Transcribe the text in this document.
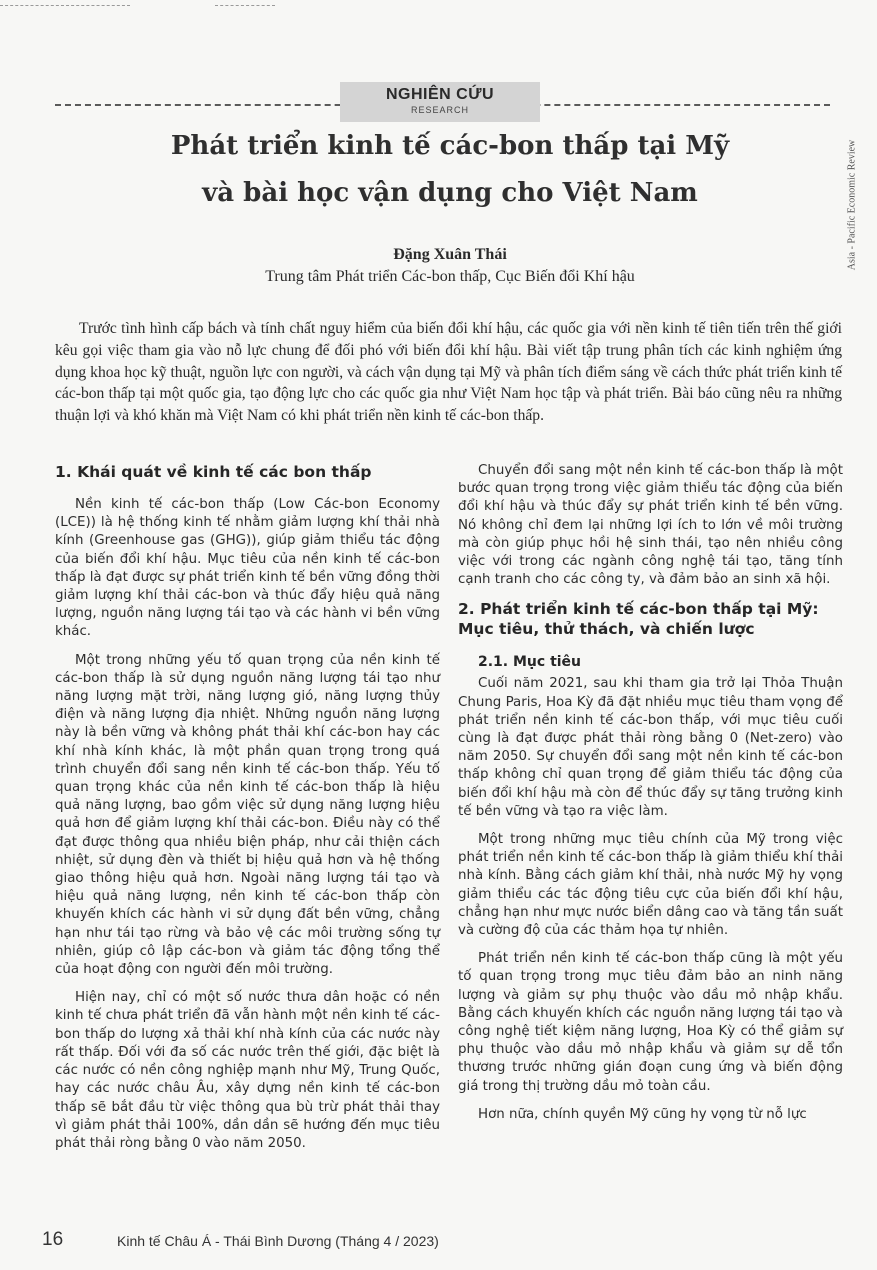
NGHIÊN CỨU
RESEARCH
Asia - Pacific Economic Review
Phát triển kinh tế các-bon thấp tại Mỹ
và bài học vận dụng cho Việt Nam
Đặng Xuân Thái
Trung tâm Phát triển Các-bon thấp, Cục Biến đổi Khí hậu

Trước tình hình cấp bách và tính chất nguy hiểm của biến đổi khí hậu, các quốc gia với nền kinh tế tiên tiến trên thế giới kêu gọi việc tham gia vào nỗ lực chung để đối phó với biến đổi khí hậu. Bài viết tập trung phân tích các kinh nghiệm ứng dụng khoa học kỹ thuật, nguồn lực con người, và cách vận dụng tại Mỹ và phân tích điểm sáng về cách thức phát triển kinh tế các-bon thấp tại một quốc gia, tạo động lực cho các quốc gia như Việt Nam học tập và phát triển. Bài báo cũng nêu ra những thuận lợi và khó khăn mà Việt Nam có khi phát triển nền kinh tế các-bon thấp.

1. Khái quát về kinh tế các bon thấp

Nền kinh tế các-bon thấp (Low Các-bon Economy (LCE)) là hệ thống kinh tế nhằm giảm lượng khí thải nhà kính (Greenhouse gas (GHG)), giúp giảm thiểu tác động của biến đổi khí hậu. Mục tiêu của nền kinh tế các-bon thấp là đạt được sự phát triển kinh tế bền vững đồng thời giảm lượng khí thải các-bon và thúc đẩy hiệu quả năng lượng, nguồn năng lượng tái tạo và các hành vi bền vững khác.

Một trong những yếu tố quan trọng của nền kinh tế các-bon thấp là sử dụng nguồn năng lượng tái tạo như năng lượng mặt trời, năng lượng gió, năng lượng thủy điện và năng lượng địa nhiệt. Những nguồn năng lượng này là bền vững và không phát thải khí các-bon hay các khí nhà kính khác, là một phần quan trọng trong quá trình chuyển đổi sang nền kinh tế các-bon thấp. Yếu tố quan trọng khác của nền kinh tế các-bon thấp là hiệu quả năng lượng, bao gồm việc sử dụng năng lượng hiệu quả hơn để giảm lượng khí thải các-bon. Điều này có thể đạt được thông qua nhiều biện pháp, như cải thiện cách nhiệt, sử dụng đèn và thiết bị hiệu quả hơn và hệ thống giao thông hiệu quả hơn. Ngoài năng lượng tái tạo và hiệu quả năng lượng, nền kinh tế các-bon thấp còn khuyến khích các hành vi sử dụng đất bền vững, chẳng hạn như tái tạo rừng và bảo vệ các môi trường sống tự nhiên, giúp cô lập các-bon và giảm tác động tổng thể của hoạt động con người đến môi trường.

Hiện nay, chỉ có một số nước thưa dân hoặc có nền kinh tế chưa phát triển đã vẫn hành một nền kinh tế các-bon thấp do lượng xả thải khí nhà kính của các nước này rất thấp. Đối với đa số các nước trên thế giới, đặc biệt là các nước có nền công nghiệp mạnh như Mỹ, Trung Quốc, hay các nước châu Âu, xây dựng nền kinh tế các-bon thấp sẽ bắt đầu từ việc thông qua bù trừ phát thải thay vì giảm phát thải 100%, dần dần sẽ hướng đến mục tiêu phát thải ròng bằng 0 vào năm 2050.

Chuyển đổi sang một nền kinh tế các-bon thấp là một bước quan trọng trong việc giảm thiểu tác động của biến đổi khí hậu và thúc đẩy sự phát triển kinh tế bền vững. Nó không chỉ đem lại những lợi ích to lớn về môi trường mà còn giúp phục hồi hệ sinh thái, tạo nên nhiều công việc với trong các ngành công nghệ tái tạo, tăng tính cạnh tranh cho các công ty, và đảm bảo an sinh xã hội.

2. Phát triển kinh tế các-bon thấp tại Mỹ: Mục tiêu, thử thách, và chiến lược
2.1. Mục tiêu

Cuối năm 2021, sau khi tham gia trở lại Thỏa Thuận Chung Paris, Hoa Kỳ đã đặt nhiều mục tiêu tham vọng để phát triển nền kinh tế các-bon thấp, với mục tiêu cuối cùng là đạt được phát thải ròng bằng 0 (Net-zero) vào năm 2050. Sự chuyển đổi sang một nền kinh tế các-bon thấp không chỉ quan trọng để giảm thiểu tác động của biến đổi khí hậu mà còn để thúc đẩy sự tăng trưởng kinh tế bền vững và tạo ra việc làm.

Một trong những mục tiêu chính của Mỹ trong việc phát triển nền kinh tế các-bon thấp là giảm thiểu khí thải nhà kính. Bằng cách giảm khí thải, nhà nước Mỹ hy vọng giảm thiểu các tác động tiêu cực của biến đổi khí hậu, chẳng hạn như mực nước biển dâng cao và tăng tần suất và cường độ của các thảm họa tự nhiên.

Phát triển nền kinh tế các-bon thấp cũng là một yếu tố quan trọng trong mục tiêu đảm bảo an ninh năng lượng và giảm sự phụ thuộc vào dầu mỏ nhập khẩu. Bằng cách khuyến khích các nguồn năng lượng tái tạo và công nghệ tiết kiệm năng lượng, Hoa Kỳ có thể giảm sự phụ thuộc vào dầu mỏ nhập khẩu và giảm sự dễ tổn thương trước những gián đoạn cung ứng và biến động giá trong thị trường dầu mỏ toàn cầu.

Hơn nữa, chính quyền Mỹ cũng hy vọng từ nỗ lực

16	Kinh tế Châu Á - Thái Bình Dương (Tháng 4 / 2023)
